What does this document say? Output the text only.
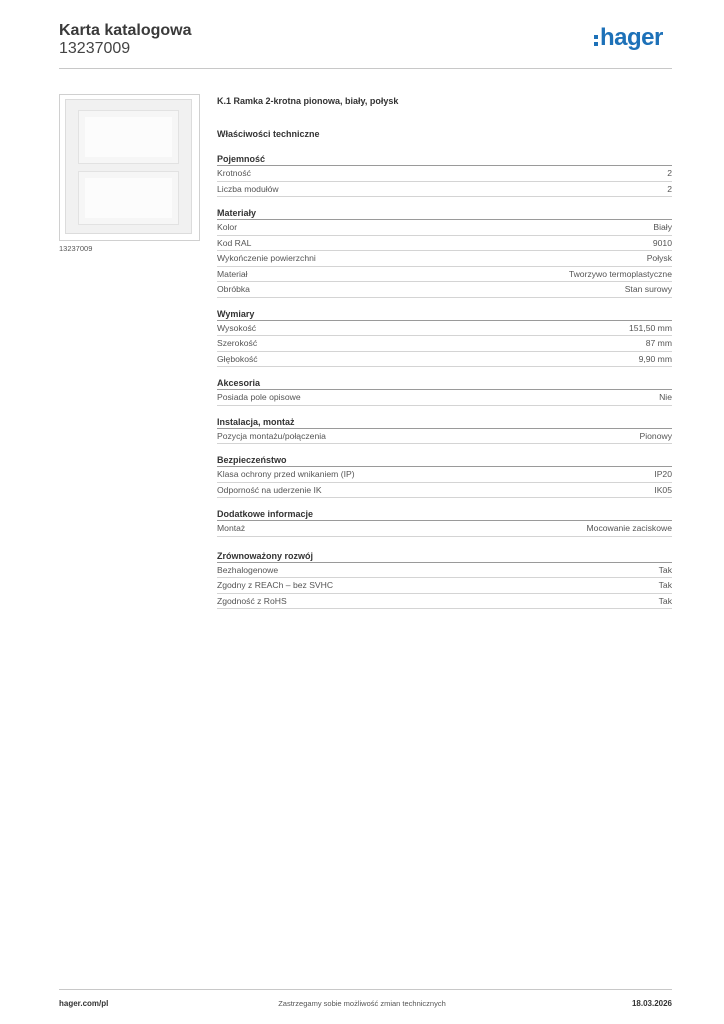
Karta katalogowa
13237009	hager
13237009
K.1 Ramka 2-krotna pionowa, biały, połysk
Właściwości techniczne
Pojemność
Krotność	2
Liczba modułów	2
Materiały
Kolor	Biały
Kod RAL	9010
Wykończenie powierzchni	Połysk
Materiał	Tworzywo termoplastyczne
Obróbka	Stan surowy
Wymiary
Wysokość	151,50 mm
Szerokość	87 mm
Głębokość	9,90 mm
Akcesoria
Posiada pole opisowe	Nie
Instalacja, montaż
Pozycja montażu/połączenia	Pionowy
Bezpieczeństwo
Klasa ochrony przed wnikaniem (IP)	IP20
Odporność na uderzenie IK	IK05
Dodatkowe informacje
Montaż	Mocowanie zaciskowe
Zrównoważony rozwój
Bezhalogenowe	Tak
Zgodny z REACh – bez SVHC	Tak
Zgodność z RoHS	Tak
hager.com/pl	Zastrzegamy sobie możliwość zmian technicznych	18.03.2026
